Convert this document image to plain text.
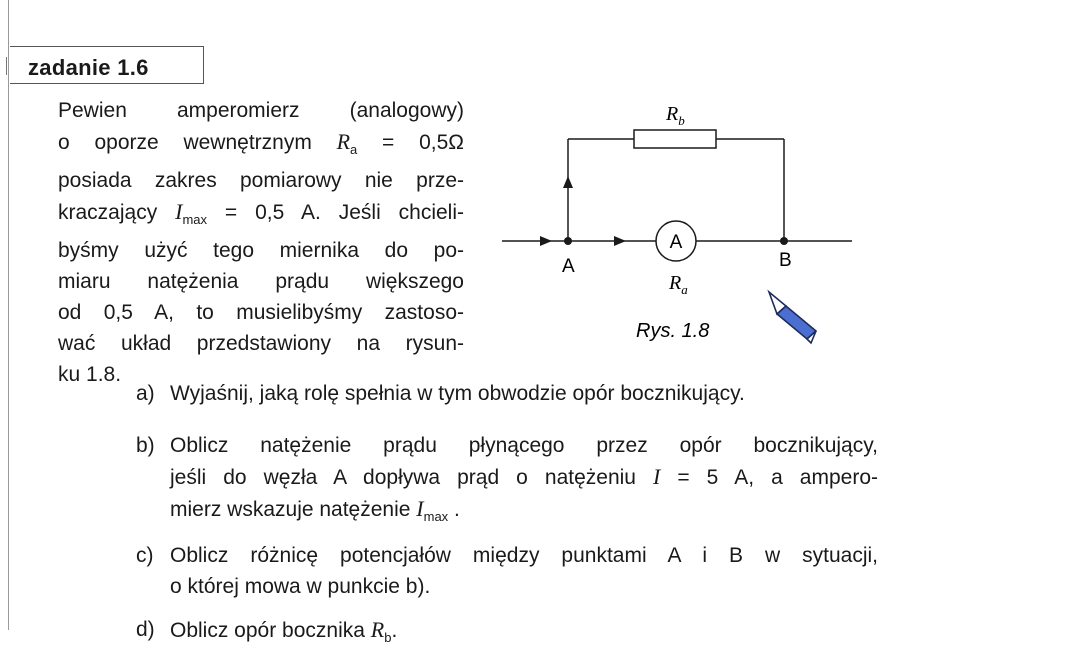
zadanie 1.6
Pewien amperomierz (analogowy)
o oporze wewnętrznym $R_a = 0,5\Omega$
posiada zakres pomiarowy nie prze-
kraczający $I_{max} = 0,5$ A. Jeśli chcieli-
byśmy użyć tego miernika do po-
miaru natężenia prądu większego
od 0,5 A, to musielibyśmy zastoso-
wać układ przedstawiony na rysun-
ku 1.8.
A
$R_b$
A	B
$R_a$
Rys. 1.8
a) Wyjaśnij, jaką rolę spełnia w tym obwodzie opór bocznikujący.
b) Oblicz natężenie prądu płynącego przez opór bocznikujący,
jeśli do węzła A dopływa prąd o natężeniu I = 5 A, a ampero-
mierz wskazuje natężenie $I_{max}$ .
c) Oblicz różnicę potencjałów między punktami A i B w sytuacji,
o której mowa w punkcie b).
d) Oblicz opór bocznika $R_b$.
